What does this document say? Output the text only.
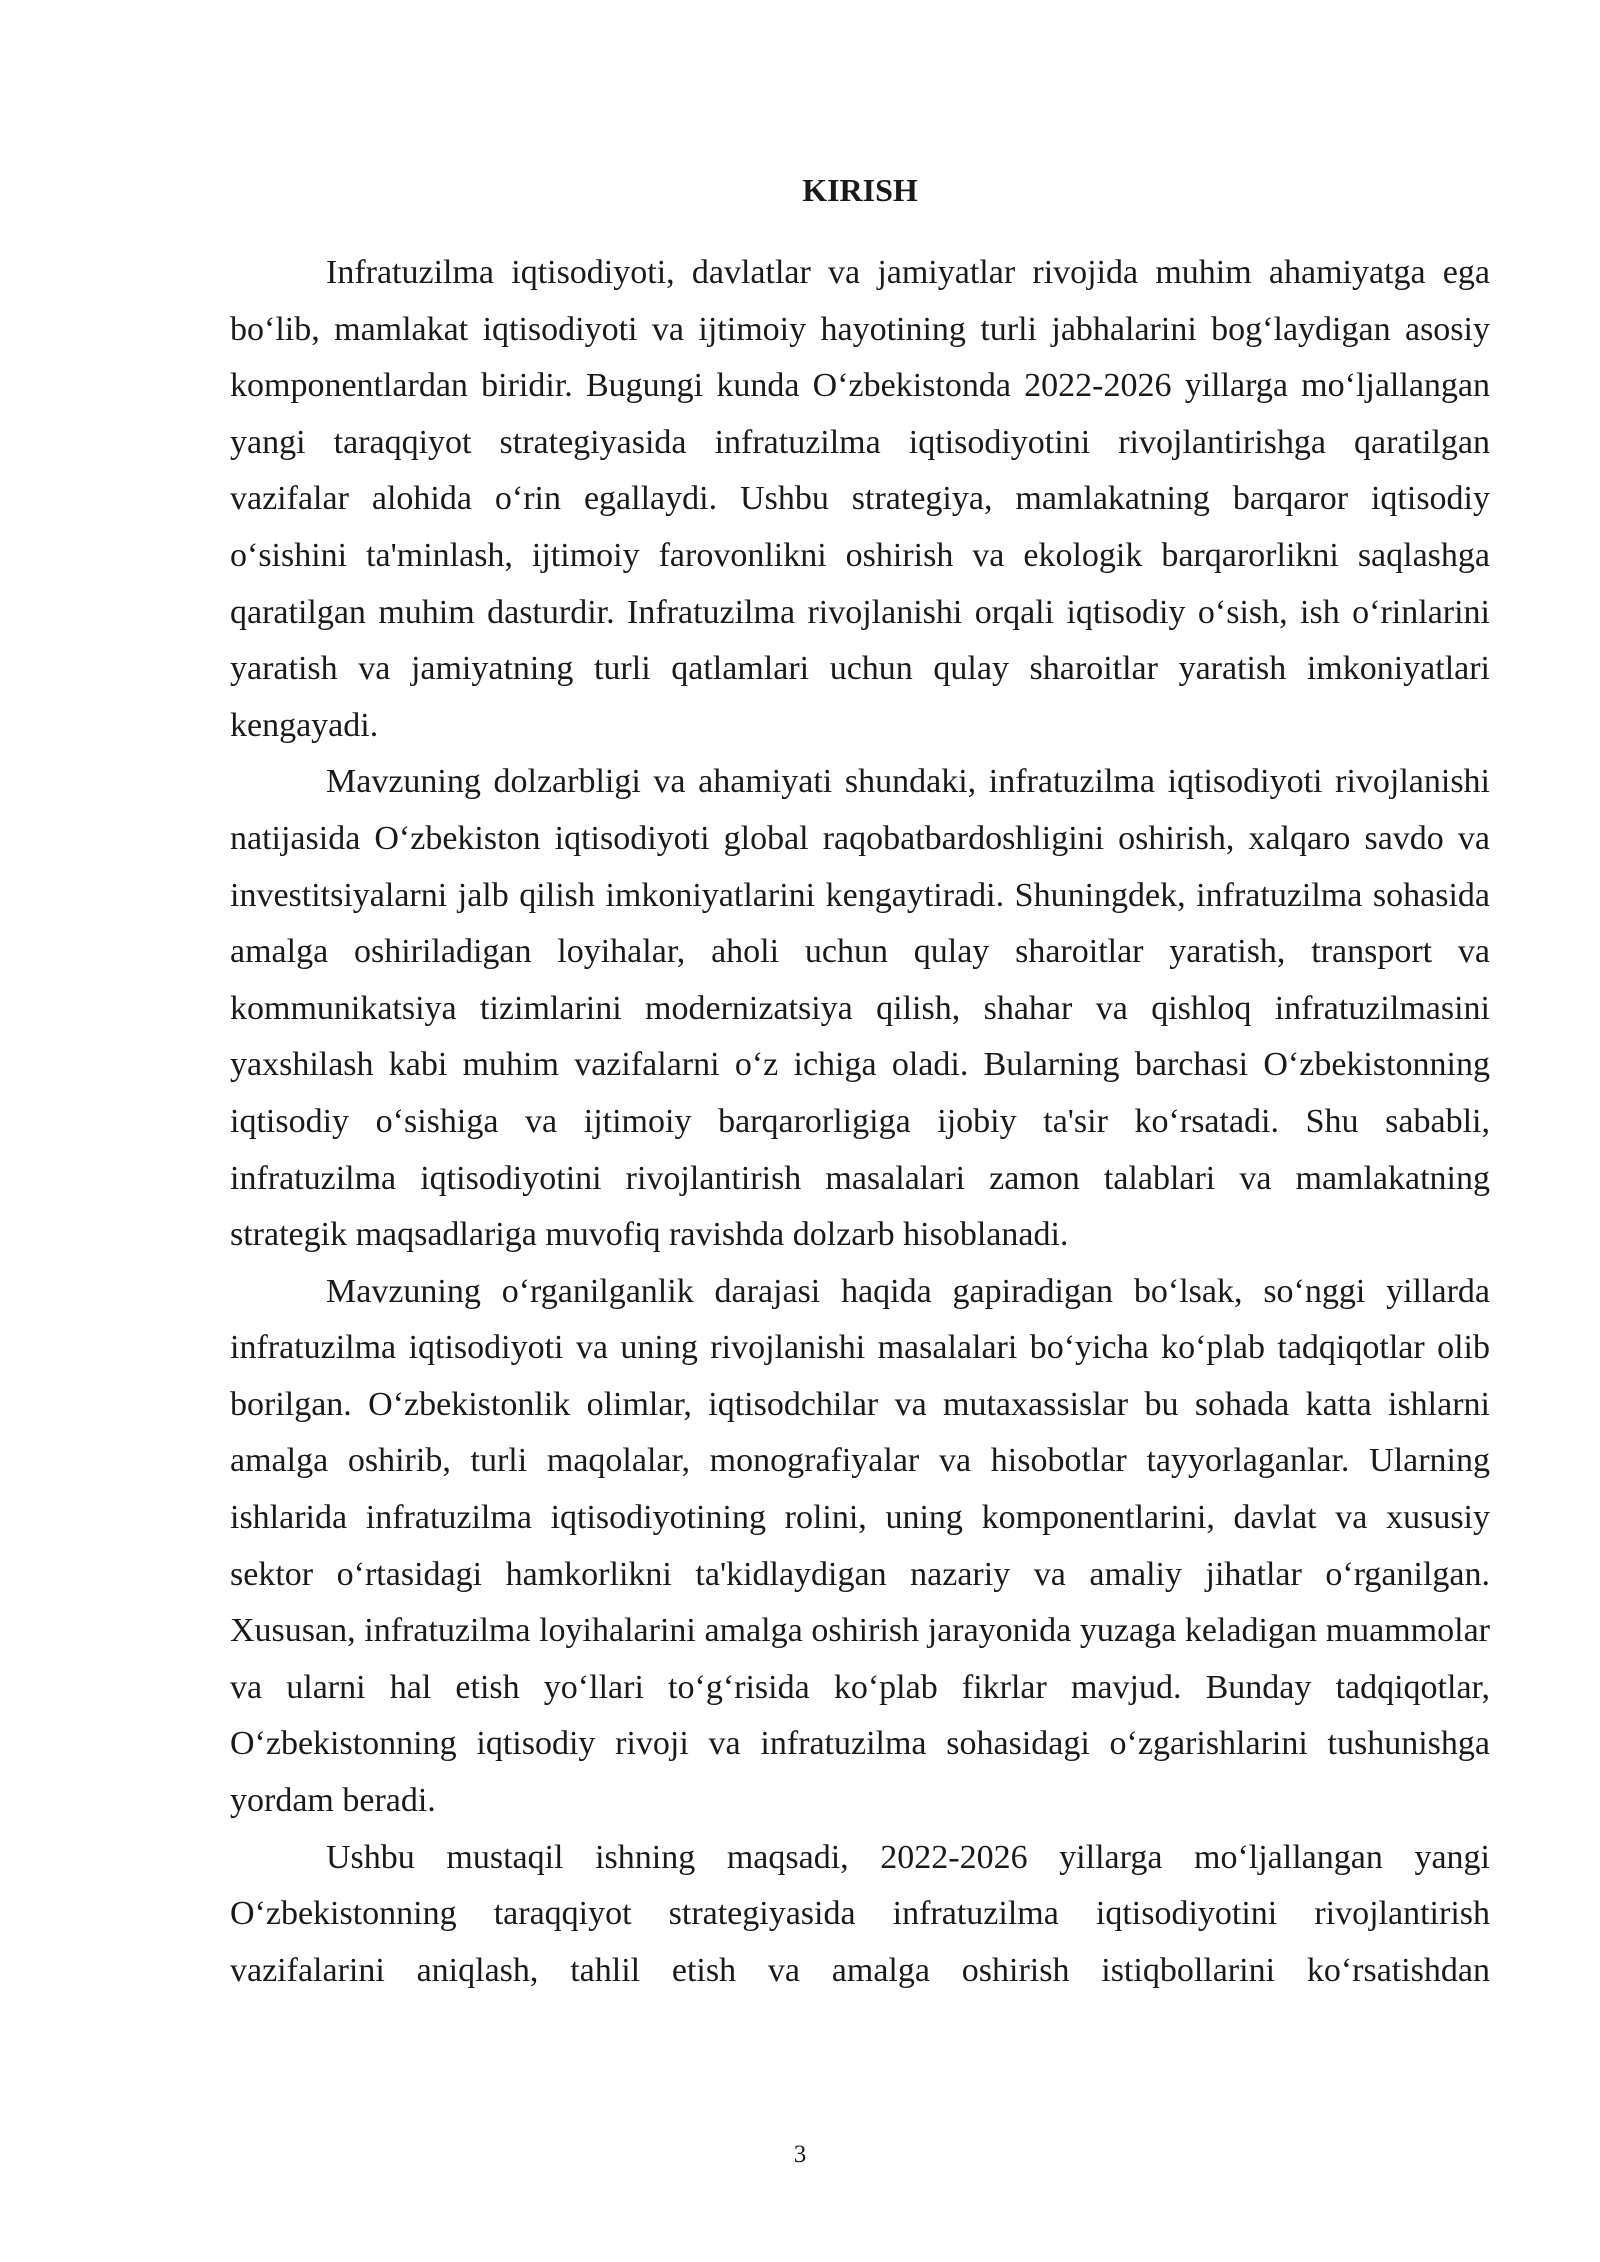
KIRISH

Infratuzilma iqtisodiyoti, davlatlar va jamiyatlar rivojida muhim ahamiyatga ega bo‘lib, mamlakat iqtisodiyoti va ijtimoiy hayotining turli jabhalarini bog‘laydigan asosiy komponentlardan biridir. Bugungi kunda O‘zbekistonda 2022-2026 yillarga mo‘ljallangan yangi taraqqiyot strategiyasida infratuzilma iqtisodiyotini rivojlantirishga qaratilgan vazifalar alohida o‘rin egallaydi. Ushbu strategiya, mamlakatning barqaror iqtisodiy o‘sishini ta'minlash, ijtimoiy farovonlikni oshirish va ekologik barqarorlikni saqlashga qaratilgan muhim dasturdir. Infratuzilma rivojlanishi orqali iqtisodiy o‘sish, ish o‘rinlarini yaratish va jamiyatning turli qatlamlari uchun qulay sharoitlar yaratish imkoniyatlari kengayadi.

Mavzuning dolzarbligi va ahamiyati shundaki, infratuzilma iqtisodiyoti rivojlanishi natijasida O‘zbekiston iqtisodiyoti global raqobatbardoshligini oshirish, xalqaro savdo va investitsiyalarni jalb qilish imkoniyatlarini kengaytiradi. Shuningdek, infratuzilma sohasida amalga oshiriladigan loyihalar, aholi uchun qulay sharoitlar yaratish, transport va kommunikatsiya tizimlarini modernizatsiya qilish, shahar va qishloq infratuzilmasini yaxshilash kabi muhim vazifalarni o‘z ichiga oladi. Bularning barchasi O‘zbekistonning iqtisodiy o‘sishiga va ijtimoiy barqarorligiga ijobiy ta'sir ko‘rsatadi. Shu sababli, infratuzilma iqtisodiyotini rivojlantirish masalalari zamon talablari va mamlakatning strategik maqsadlariga muvofiq ravishda dolzarb hisoblanadi.

Mavzuning o‘rganilganlik darajasi haqida gapiradigan bo‘lsak, so‘nggi yillarda infratuzilma iqtisodiyoti va uning rivojlanishi masalalari bo‘yicha ko‘plab tadqiqotlar olib borilgan. O‘zbekistonlik olimlar, iqtisodchilar va mutaxassislar bu sohada katta ishlarni amalga oshirib, turli maqolalar, monografiyalar va hisobotlar tayyorlaganlar. Ularning ishlarida infratuzilma iqtisodiyotining rolini, uning komponentlarini, davlat va xususiy sektor o‘rtasidagi hamkorlikni ta'kidlaydigan nazariy va amaliy jihatlar o‘rganilgan. Xususan, infratuzilma loyihalarini amalga oshirish jarayonida yuzaga keladigan muammolar va ularni hal etish yo‘llari to‘g‘risida ko‘plab fikrlar mavjud. Bunday tadqiqotlar, O‘zbekistonning iqtisodiy rivoji va infratuzilma sohasidagi o‘zgarishlarini tushunishga yordam beradi.

Ushbu mustaqil ishning maqsadi, 2022-2026 yillarga mo‘ljallangan yangi O‘zbekistonning taraqqiyot strategiyasida infratuzilma iqtisodiyotini rivojlantirish vazifalarini aniqlash, tahlil etish va amalga oshirish istiqbollarini ko‘rsatishdan

3
